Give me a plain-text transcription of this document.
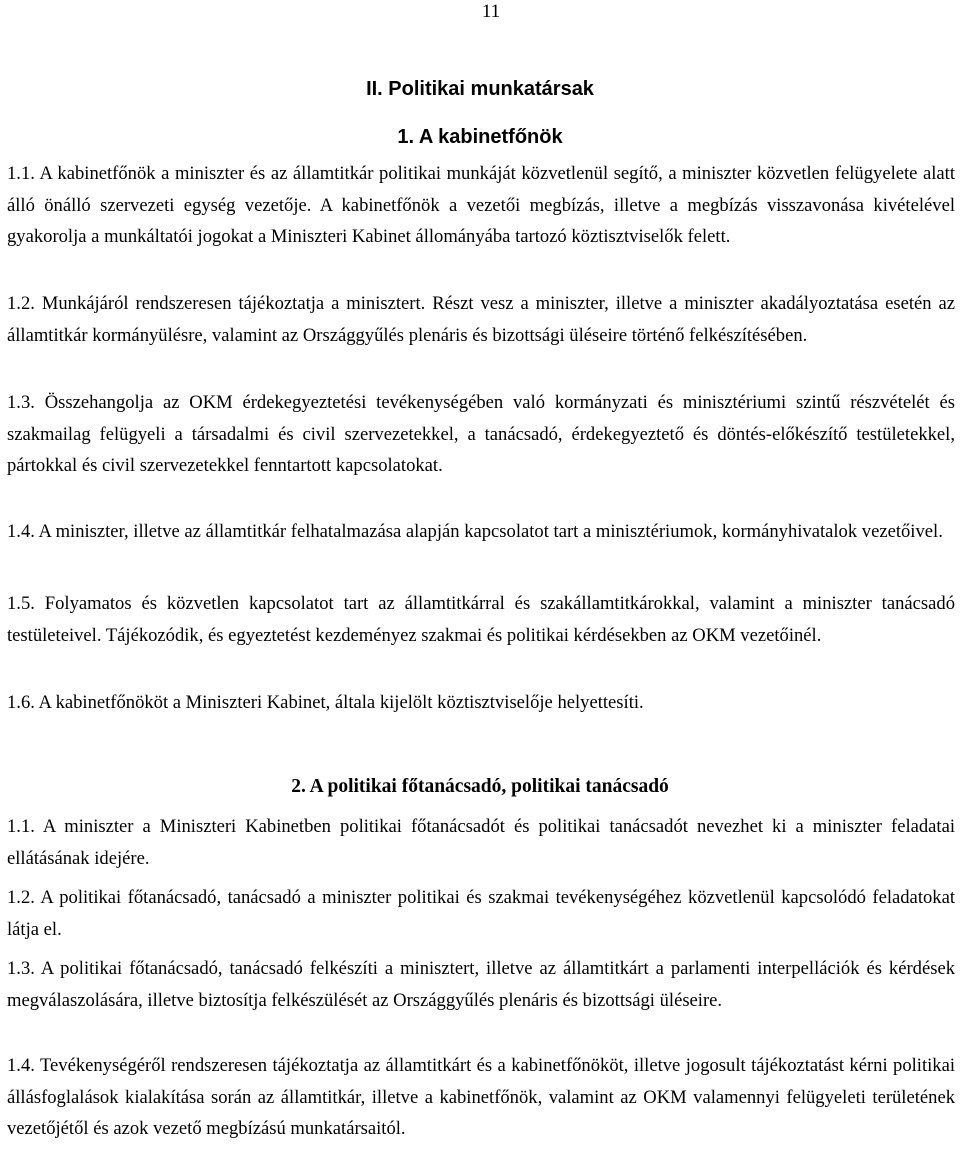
11
II. Politikai munkatársak
1. A kabinetfőnök

1.1. A kabinetfőnök a miniszter és az államtitkár politikai munkáját közvetlenül segítő, a miniszter közvetlen felügyelete alatt álló önálló szervezeti egység vezetője. A kabinetfőnök a vezetői megbízás, illetve a megbízás visszavonása kivételével gyakorolja a munkáltatói jogokat a Miniszteri Kabinet állományába tartozó köztisztviselők felett.

1.2. Munkájáról rendszeresen tájékoztatja a minisztert. Részt vesz a miniszter, illetve a miniszter akadályoztatása esetén az államtitkár kormányülésre, valamint az Országgyűlés plenáris és bizottsági üléseire történő felkészítésében.

1.3. Összehangolja az OKM érdekegyeztetési tevékenységében való kormányzati és minisztériumi szintű részvételét és szakmailag felügyeli a társadalmi és civil szervezetekkel, a tanácsadó, érdekegyeztető és döntés-előkészítő testületekkel, pártokkal és civil szervezetekkel fenntartott kapcsolatokat.

1.4. A miniszter, illetve az államtitkár felhatalmazása alapján kapcsolatot tart a minisztériumok, kormányhivatalok vezetőivel.

1.5. Folyamatos és közvetlen kapcsolatot tart az államtitkárral és szakállamtitkárokkal, valamint a miniszter tanácsadó testületeivel. Tájékozódik, és egyeztetést kezdeményez szakmai és politikai kérdésekben az OKM vezetőinél.

1.6. A kabinetfőnököt a Miniszteri Kabinet, általa kijelölt köztisztviselője helyettesíti.

2. A politikai főtanácsadó, politikai tanácsadó

1.1. A miniszter a Miniszteri Kabinetben politikai főtanácsadót és politikai tanácsadót nevezhet ki a miniszter feladatai ellátásának idejére.

1.2. A politikai főtanácsadó, tanácsadó a miniszter politikai és szakmai tevékenységéhez közvetlenül kapcsolódó feladatokat látja el.

1.3. A politikai főtanácsadó, tanácsadó felkészíti a minisztert, illetve az államtitkárt a parlamenti interpellációk és kérdések megválaszolására, illetve biztosítja felkészülését az Országgyűlés plenáris és bizottsági üléseire.

1.4. Tevékenységéről rendszeresen tájékoztatja az államtitkárt és a kabinetfőnököt, illetve jogosult tájékoztatást kérni politikai állásfoglalások kialakítása során az államtitkár, illetve a kabinetfőnök, valamint az OKM valamennyi felügyeleti területének vezetőjétől és azok vezető megbízású munkatársaitól.
